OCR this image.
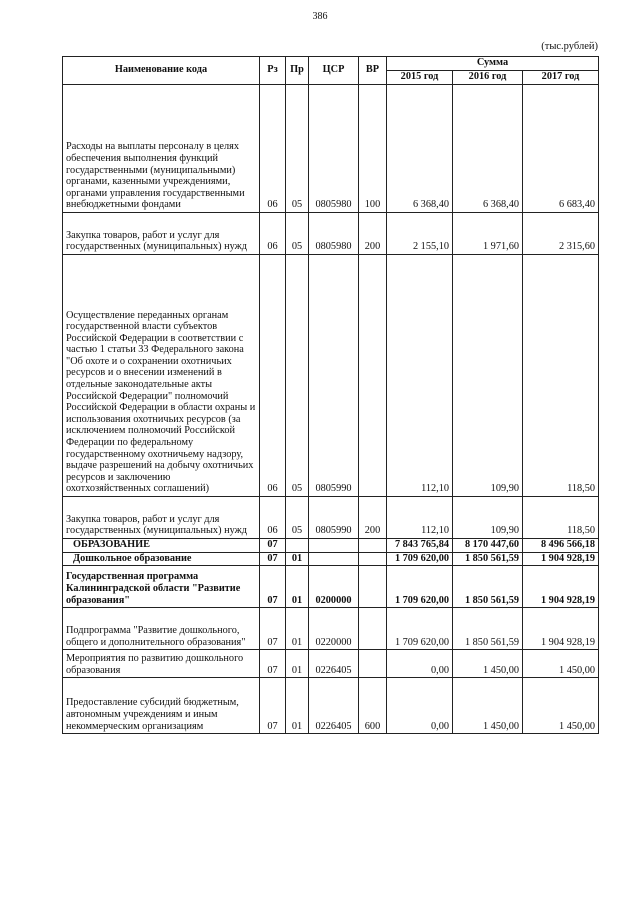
386
(тыс.рублей)
Наименование кода	Рз	Пр	ЦСР	ВР	Сумма		
					2015 год	2016 год	2017 год
Расходы на выплаты персоналу в целях обеспечения выполнения функций государственными (муниципальными) органами, казенными учреждениями, органами управления государственными внебюджетными фондами	06	05	0805980	100	6 368,40	6 368,40	6 683,40
Закупка товаров, работ и услуг для государственных (муниципальных) нужд	06	05	0805980	200	2 155,10	1 971,60	2 315,60
Осуществление переданных органам государственной власти субъектов Российской Федерации в соответствии с частью 1 статьи 33 Федерального закона "Об охоте и о сохранении охотничьих ресурсов и о внесении изменений в отдельные законодательные акты Российской Федерации" полномочий Российской Федерации в области охраны и использования охотничьих ресурсов (за исключением полномочий Российской Федерации по федеральному государственному охотничьему надзору, выдаче разрешений на добычу охотничьих ресурсов и заключению охотхозяйственных соглашений)	06	05	0805990		112,10	109,90	118,50
Закупка товаров, работ и услуг для государственных (муниципальных) нужд	06	05	0805990	200	112,10	109,90	118,50
ОБРАЗОВАНИЕ	07				7 843 765,84	8 170 447,60	8 496 566,18
Дошкольное образование	07	01			1 709 620,00	1 850 561,59	1 904 928,19
Государственная программа Калининградской области "Развитие образования"	07	01	0200000		1 709 620,00	1 850 561,59	1 904 928,19
Подпрограмма "Развитие дошкольного, общего и дополнительного образования"	07	01	0220000		1 709 620,00	1 850 561,59	1 904 928,19
Мероприятия по развитию дошкольного образования	07	01	0226405		0,00	1 450,00	1 450,00
Предоставление субсидий бюджетным, автономным учреждениям и иным некоммерческим организациям	07	01	0226405	600	0,00	1 450,00	1 450,00
